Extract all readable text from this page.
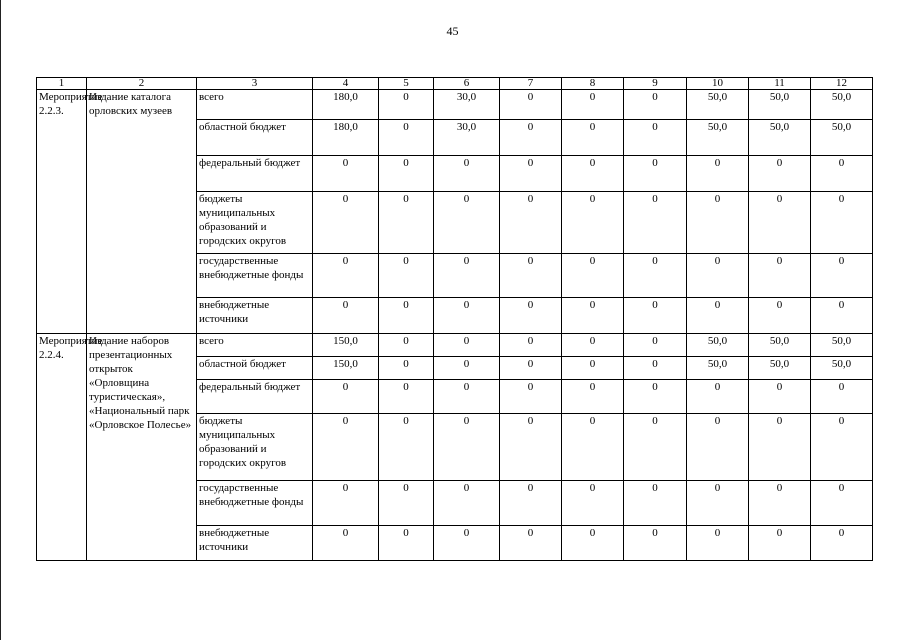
45
1	2	3	4	5	6	7	8	9	10	11	12
Мероприятие 2.2.3.	Издание каталога орловских музеев	всего	180,0	0	30,0	0	0	0	50,0	50,0	50,0
		областной бюджет	180,0	0	30,0	0	0	0	50,0	50,0	50,0
		федеральный бюджет	0	0	0	0	0	0	0	0	0
		бюджеты муниципальных образований и городских округов	0	0	0	0	0	0	0	0	0
		государственные внебюджетные фонды	0	0	0	0	0	0	0	0	0
		внебюджетные источники	0	0	0	0	0	0	0	0	0
Мероприятие 2.2.4.	Издание наборов презентационных открыток «Орловщина туристическая», «Национальный парк «Орловское Полесье»	всего	150,0	0	0	0	0	0	50,0	50,0	50,0
		областной бюджет	150,0	0	0	0	0	0	50,0	50,0	50,0
		федеральный бюджет	0	0	0	0	0	0	0	0	0
		бюджеты муниципальных образований и городских округов	0	0	0	0	0	0	0	0	0
		государственные внебюджетные фонды	0	0	0	0	0	0	0	0	0
		внебюджетные источники	0	0	0	0	0	0	0	0	0
